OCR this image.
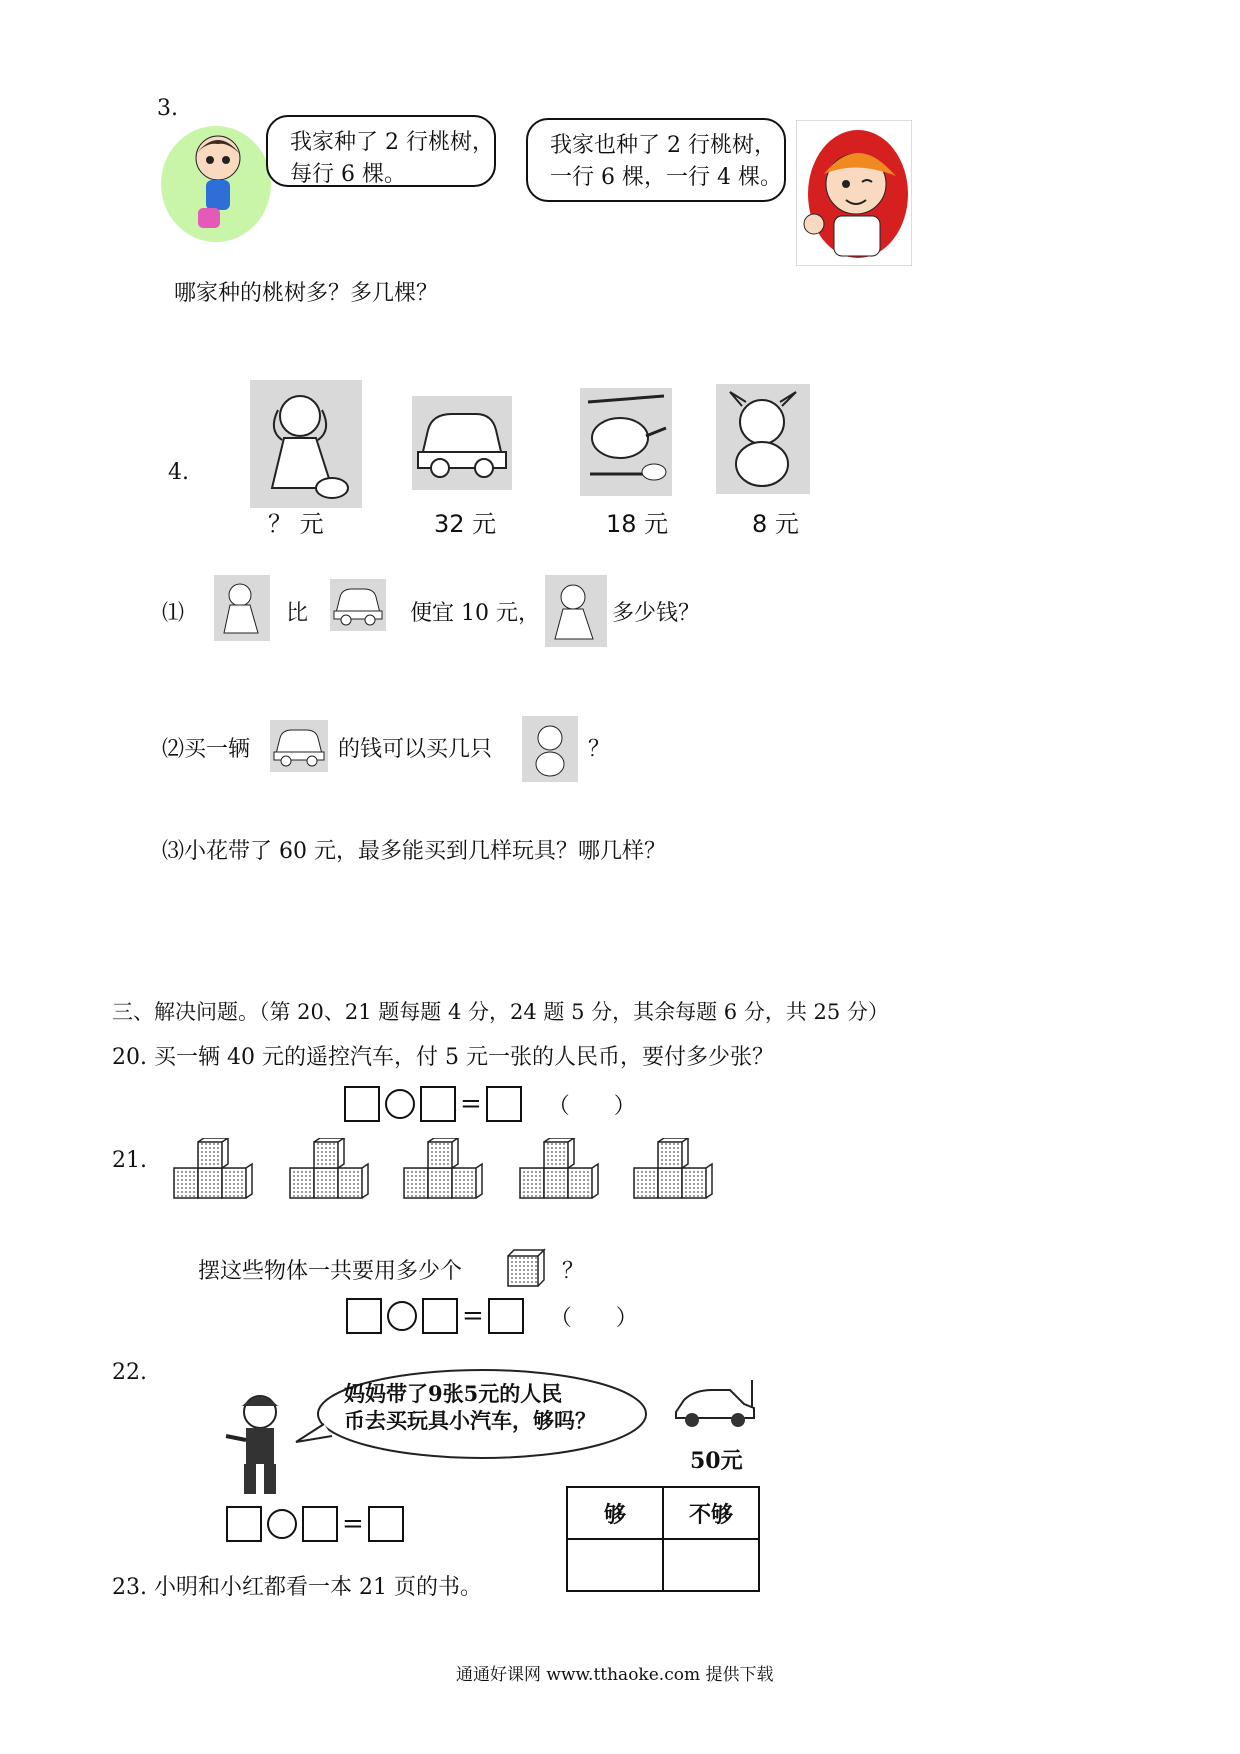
3.
我家种了 2 行桃树，
每行 6 棵。
我家也种了 2 行桃树，
一行 6 棵，一行 4 棵。
哪家种的桃树多？多几棵？
4.
？ 元	32 元	18 元	8 元
⑴	比	便宜 10 元，	多少钱？
⑵买一辆	的钱可以买几只	？
⑶小花带了 60 元，最多能买到几样玩具？哪几样？
三、解决问题。（第 20、21 题每题 4 分，24 题 5 分，其余每题 6 分，共 25 分）
20. 买一辆 40 元的遥控汽车，付 5 元一张的人民币，要付多少张？
=	（　　）
21.
摆这些物体一共要用多少个	？
=	（　　）
22.
妈妈带了9张5元的人民
币去买玩具小汽车，够吗？
50元
=	够	不够

23. 小明和小红都看一本 21 页的书。
通通好课网 www.tthaoke.com 提供下载
